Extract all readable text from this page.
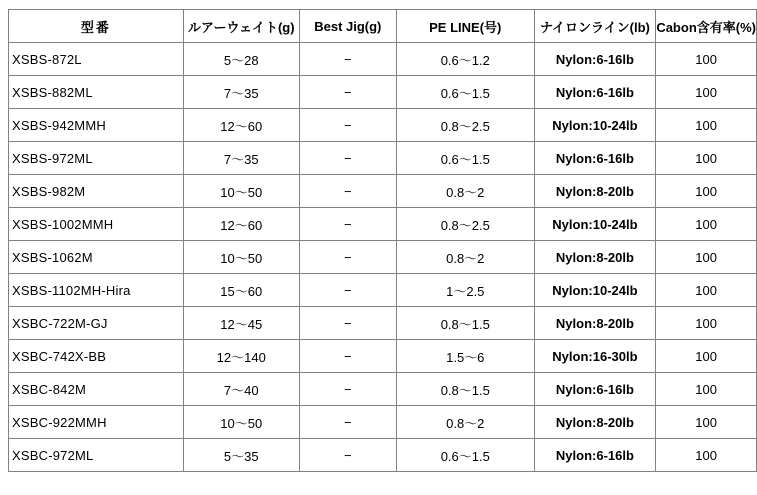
型番	ルアーウェイト(g)	Best Jig(g)	PE LINE(号)	ナイロンライン(lb)	Cabon含有率(%)
XSBS-872L	5〜28	−	0.6〜1.2	Nylon:6-16lb	100
XSBS-882ML	7〜35	−	0.6〜1.5	Nylon:6-16lb	100
XSBS-942MMH	12〜60	−	0.8〜2.5	Nylon:10-24lb	100
XSBS-972ML	7〜35	−	0.6〜1.5	Nylon:6-16lb	100
XSBS-982M	10〜50	−	0.8〜2	Nylon:8-20lb	100
XSBS-1002MMH	12〜60	−	0.8〜2.5	Nylon:10-24lb	100
XSBS-1062M	10〜50	−	0.8〜2	Nylon:8-20lb	100
XSBS-1102MH-Hira	15〜60	−	1〜2.5	Nylon:10-24lb	100
XSBC-722M-GJ	12〜45	−	0.8〜1.5	Nylon:8-20lb	100
XSBC-742X-BB	12〜140	−	1.5〜6	Nylon:16-30lb	100
XSBC-842M	7〜40	−	0.8〜1.5	Nylon:6-16lb	100
XSBC-922MMH	10〜50	−	0.8〜2	Nylon:8-20lb	100
XSBC-972ML	5〜35	−	0.6〜1.5	Nylon:6-16lb	100
